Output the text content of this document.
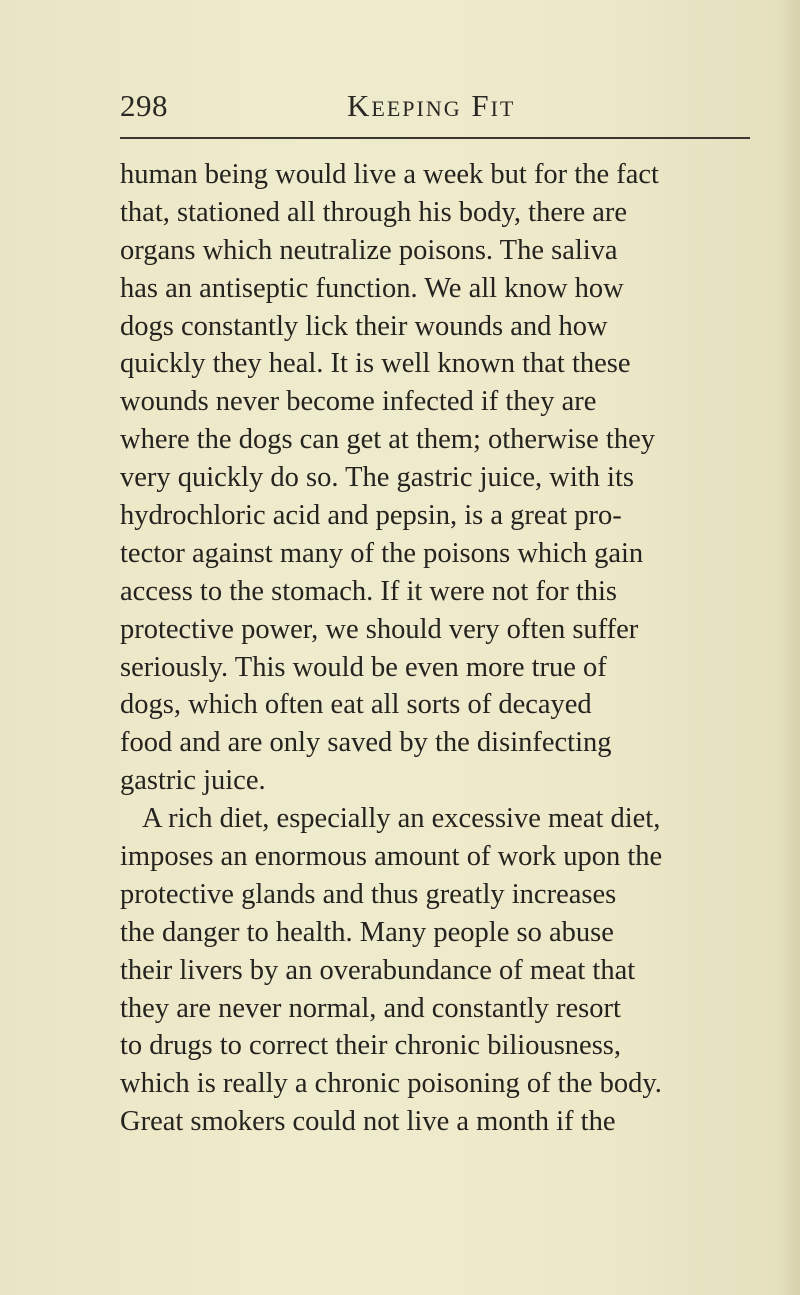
298	Keeping Fit
human being would live a week but for the fact
that, stationed all through his body, there are
organs which neutralize poisons. The saliva
has an antiseptic function. We all know how
dogs constantly lick their wounds and how
quickly they heal. It is well known that these
wounds never become infected if they are
where the dogs can get at them; otherwise they
very quickly do so. The gastric juice, with its
hydrochloric acid and pepsin, is a great pro-
tector against many of the poisons which gain
access to the stomach. If it were not for this
protective power, we should very often suffer
seriously. This would be even more true of
dogs, which often eat all sorts of decayed
food and are only saved by the disinfecting
gastric juice.
A rich diet, especially an excessive meat diet,
imposes an enormous amount of work upon the
protective glands and thus greatly increases
the danger to health. Many people so abuse
their livers by an overabundance of meat that
they are never normal, and constantly resort
to drugs to correct their chronic biliousness,
which is really a chronic poisoning of the body.
Great smokers could not live a month if the
